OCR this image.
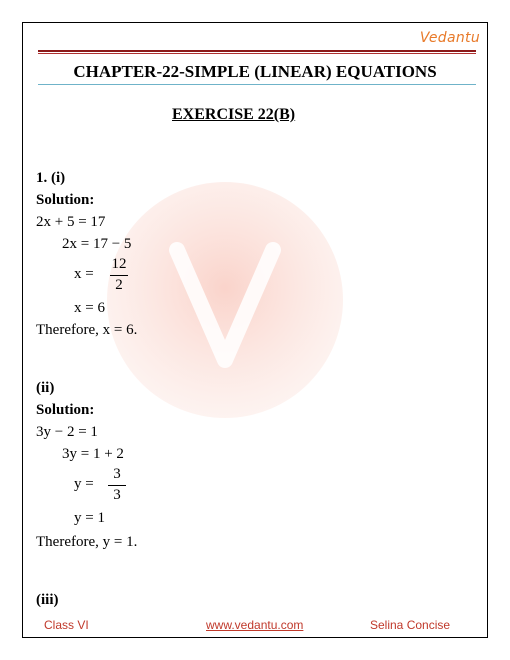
Vedantu
CHAPTER-22-SIMPLE (LINEAR) EQUATIONS
EXERCISE 22(B)
1. (i)
Solution:
2x + 5 = 17
2x = 17 − 5
x =
12
2
x = 6
Therefore, x = 6.
(ii)
Solution:
3y − 2 = 1
3y = 1 + 2
y =
3
3
y = 1
Therefore, y = 1.
(iii)
Class VI	www.vedantu.com	Selina Concise
